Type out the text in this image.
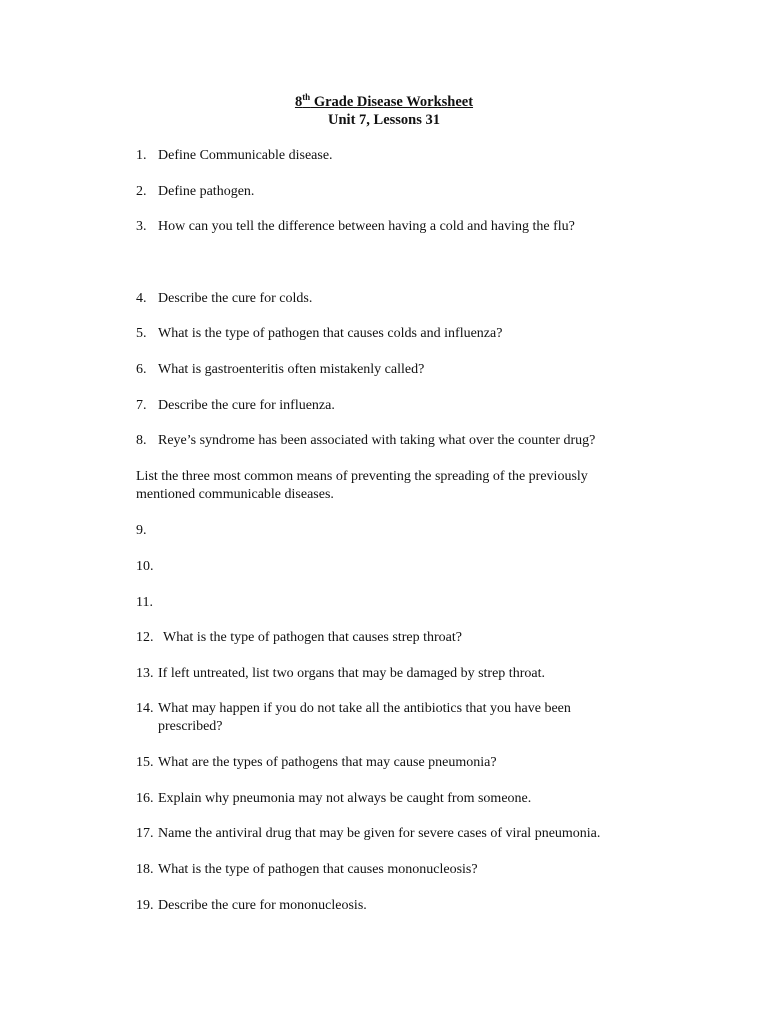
8th Grade Disease Worksheet
Unit 7, Lessons 31
1. Define Communicable disease.
2. Define pathogen.
3. How can you tell the difference between having a cold and having the flu?
4. Describe the cure for colds.
5. What is the type of pathogen that causes colds and influenza?
6. What is gastroenteritis often mistakenly called?
7. Describe the cure for influenza.
8. Reye’s syndrome has been associated with taking what over the counter drug?
List the three most common means of preventing the spreading of the previously mentioned communicable diseases.
9.
10.
11.
12. What is the type of pathogen that causes strep throat?
13. If left untreated, list two organs that may be damaged by strep throat.
14. What may happen if you do not take all the antibiotics that you have been prescribed?
15. What are the types of pathogens that may cause pneumonia?
16. Explain why pneumonia may not always be caught from someone.
17. Name the antiviral drug that may be given for severe cases of viral pneumonia.
18. What is the type of pathogen that causes mononucleosis?
19. Describe the cure for mononucleosis.
